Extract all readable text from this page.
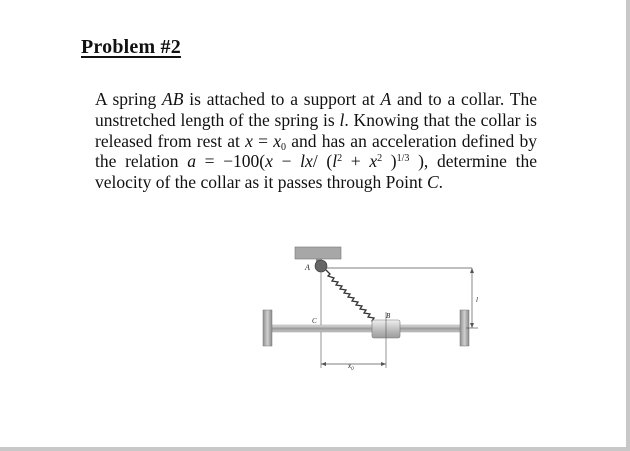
Problem #2
A spring AB is attached to a support at A and to a collar. The unstretched length of the spring is l. Knowing that the collar is released from rest at $x = x_0$ and has an acceleration defined by the relation a = −100(x − lx/ ($l^2 + x^2$ )$^{1/3}$ ), determine the velocity of the collar as it passes through Point C.
A
B
C
l
$x_0$
